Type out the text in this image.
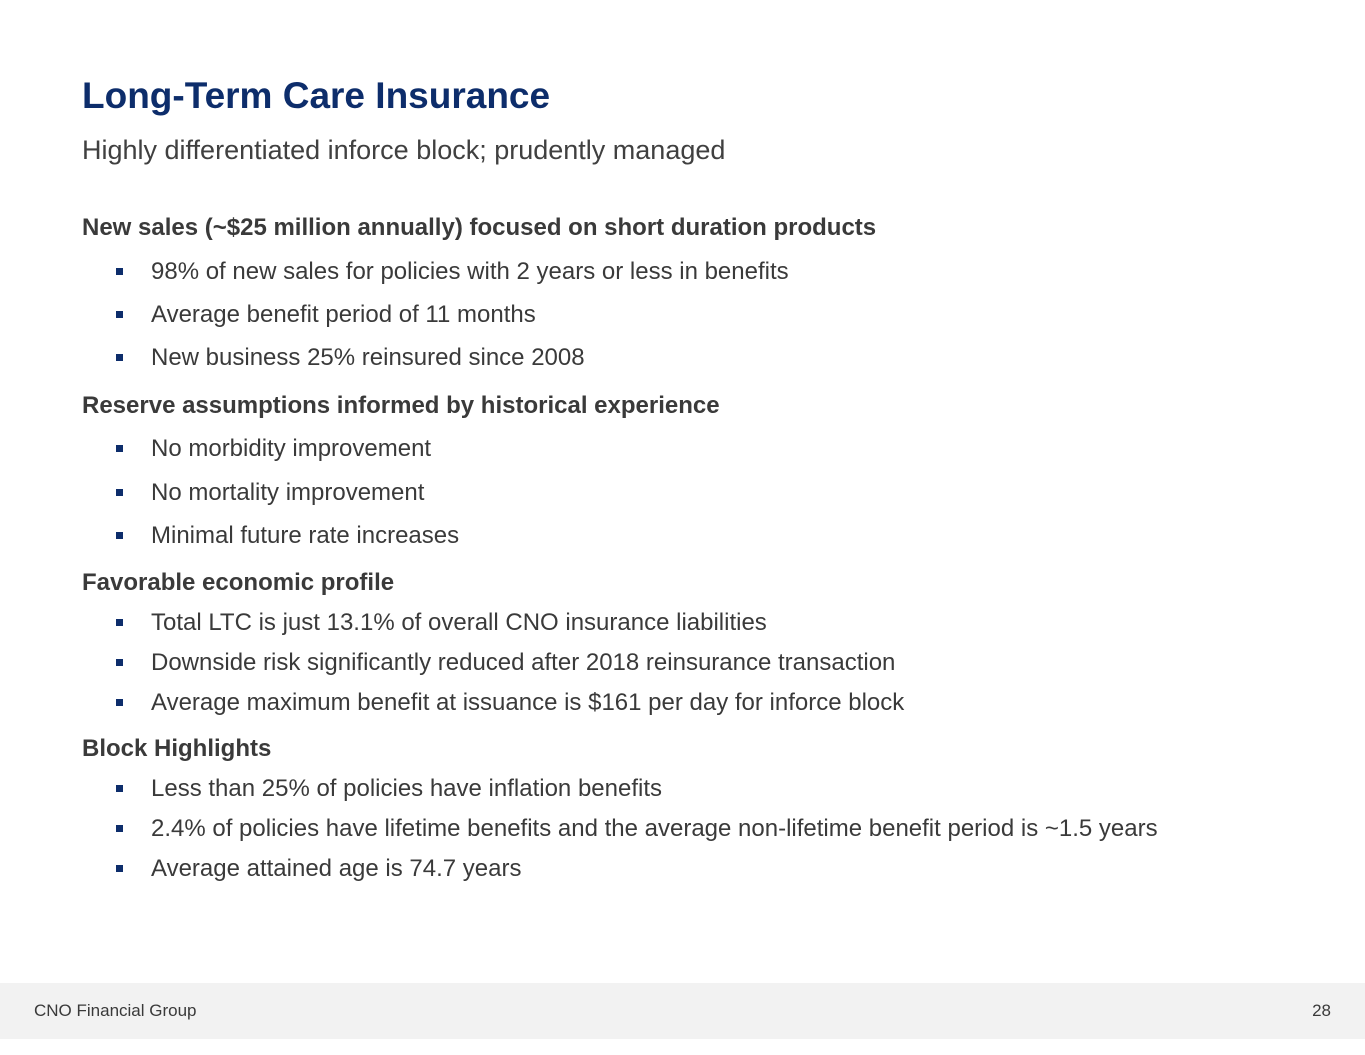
Long-Term Care Insurance
Highly differentiated inforce block; prudently managed
New sales (~$25 million annually) focused on short duration products
98% of new sales for policies with 2 years or less in benefits
Average benefit period of 11 months
New business 25% reinsured since 2008
Reserve assumptions informed by historical experience
No morbidity improvement
No mortality improvement
Minimal future rate increases
Favorable economic profile
Total LTC is just 13.1% of overall CNO insurance liabilities
Downside risk significantly reduced after 2018 reinsurance transaction
Average maximum benefit at issuance is $161 per day for inforce block
Block Highlights
Less than 25% of policies have inflation benefits
2.4% of policies have lifetime benefits and the average non-lifetime benefit period is ~1.5 years
Average attained age is 74.7 years
CNO Financial Group	28
